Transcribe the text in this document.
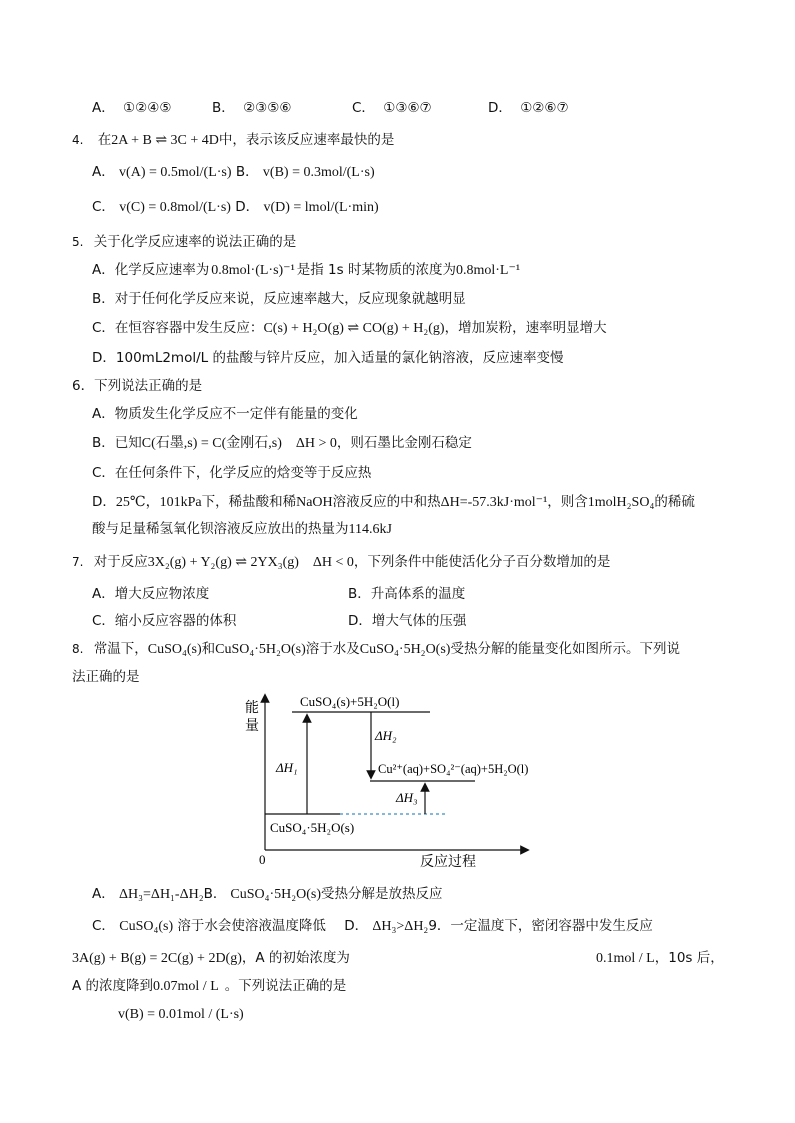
A． ①②④⑤	B． ②③⑤⑥	C． ①③⑥⑦	D． ①②⑥⑦
4. 在2A + B ⇌ 3C + 4D中，表示该反应速率最快的是
A． v(A) = 0.5mol/(L·s) B． v(B) = 0.3mol/(L·s)
C． v(C) = 0.8mol/(L·s) D． v(D) = lmol/(L·min)
5. 关于化学反应速率的说法正确的是
A．化学反应速率为 0.8mol·(L·s)⁻¹ 是指 1s 时某物质的浓度为0.8mol·L⁻¹
B．对于任何化学反应来说，反应速率越大，反应现象就越明显
C．在恒容容器中发生反应：C(s) + H₂O(g) ⇌ CO(g) + H₂(g)，增加炭粉，速率明显增大
D．100mL2mol/L 的盐酸与锌片反应，加入适量的氯化钠溶液，反应速率变慢
6．下列说法正确的是
A．物质发生化学反应不一定伴有能量的变化
B．已知C(石墨,s) = C(金刚石,s)    ΔH > 0，则石墨比金刚石稳定
C．在任何条件下，化学反应的焓变等于反应热
D．25℃，101kPa下，稀盐酸和稀NaOH溶液反应的中和热ΔH=-57.3kJ·mol⁻¹，则含1molH₂SO₄的稀硫
酸与足量稀氢氧化钡溶液反应放出的热量为114.6kJ
7. 对于反应3X₂(g) + Y₂(g) ⇌ 2YX₃(g)    ΔH < 0，下列条件中能使活化分子百分数增加的是
A．增大反应物浓度	B．升高体系的温度
C．缩小反应容器的体积	D．增大气体的压强
8. 常温下，CuSO₄(s)和CuSO₄·5H₂O(s)溶于水及CuSO₄·5H₂O(s)受热分解的能量变化如图所示。下列说
法正确的是
能
量
0	反应过程
CuSO₄(s)+5H₂O(l)
CuSO₄·5H₂O(s)
Cu²⁺(aq)+SO₄²⁻(aq)+5H₂O(l)
ΔH₁
ΔH₂
ΔH₃
A． ΔH₃=ΔH₁-ΔH₂B． CuSO₄·5H₂O(s)受热分解是放热反应
C． CuSO₄(s) 溶于水会使溶液温度降低 D． ΔH₃>ΔH₂9．一定温度下，密闭容器中发生反应
3A(g) + B(g) = 2C(g) + 2D(g)，A 的初始浓度为	0.1mol / L，10s 后，
A 的浓度降到0.07mol / L 。下列说法正确的是
v(B) = 0.01mol / (L·s)
